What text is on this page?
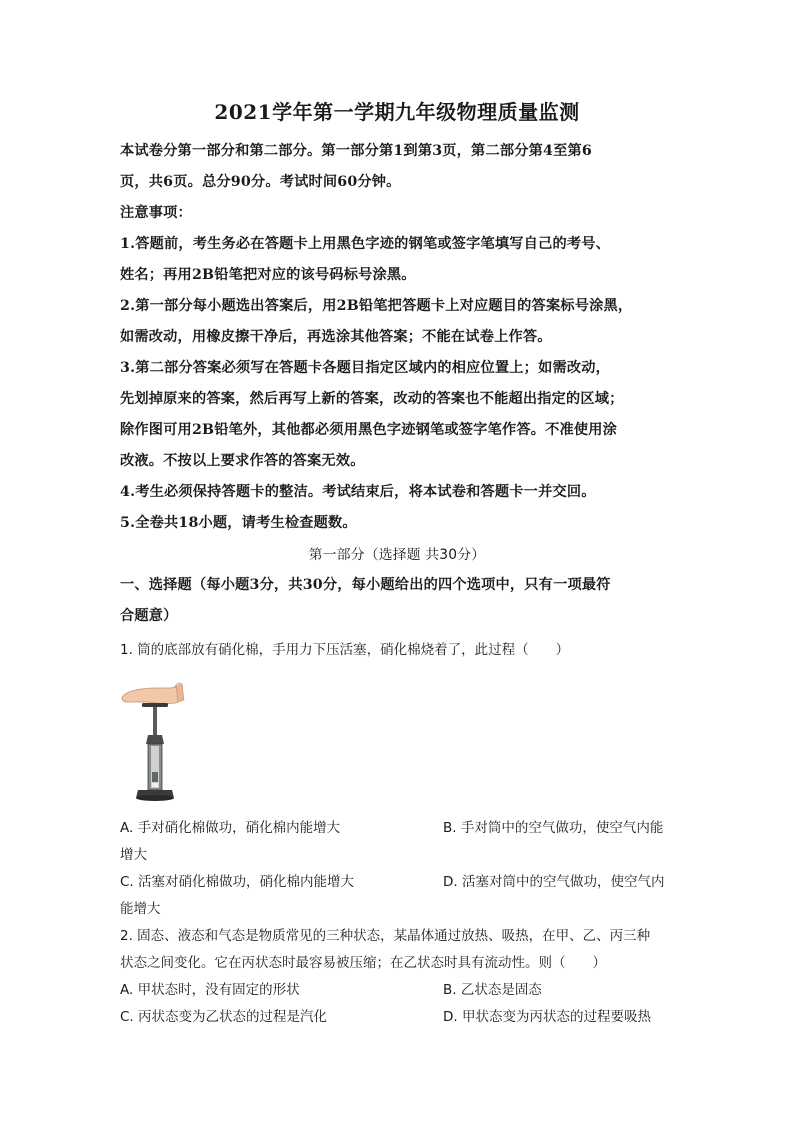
2021学年第一学期九年级物理质量监测
本试卷分第一部分和第二部分。第一部分第1到第3页，第二部分第4至第6
页，共6页。总分90分。考试时间60分钟。
注意事项：
1.答题前，考生务必在答题卡上用黑色字迹的钢笔或签字笔填写自己的考号、
姓名；再用2B铅笔把对应的该号码标号涂黑。
2.第一部分每小题选出答案后，用2B铅笔把答题卡上对应题目的答案标号涂黑，
如需改动，用橡皮擦干净后，再选涂其他答案；不能在试卷上作答。
3.第二部分答案必须写在答题卡各题目指定区域内的相应位置上；如需改动，
先划掉原来的答案，然后再写上新的答案，改动的答案也不能超出指定的区域；
除作图可用2B铅笔外，其他都必须用黑色字迹钢笔或签字笔作答。不准使用涂
改液。不按以上要求作答的答案无效。
4.考生必须保持答题卡的整洁。考试结束后，将本试卷和答题卡一并交回。
5.全卷共18小题，请考生检查题数。
第一部分（选择题 共30分）
一、选择题（每小题3分，共30分，每小题给出的四个选项中，只有一项最符
合题意）
1. 筒的底部放有硝化棉，手用力下压活塞，硝化棉烧着了，此过程（　　）
A. 手对硝化棉做功，硝化棉内能增大	B. 手对筒中的空气做功，使空气内能
增大
C. 活塞对硝化棉做功，硝化棉内能增大	D. 活塞对筒中的空气做功，使空气内
能增大
2. 固态、液态和气态是物质常见的三种状态，某晶体通过放热、吸热，在甲、乙、丙三种
状态之间变化。它在丙状态时最容易被压缩；在乙状态时具有流动性。则（　　）
A. 甲状态时，没有固定的形状	B. 乙状态是固态
C. 丙状态变为乙状态的过程是汽化	D. 甲状态变为丙状态的过程要吸热
